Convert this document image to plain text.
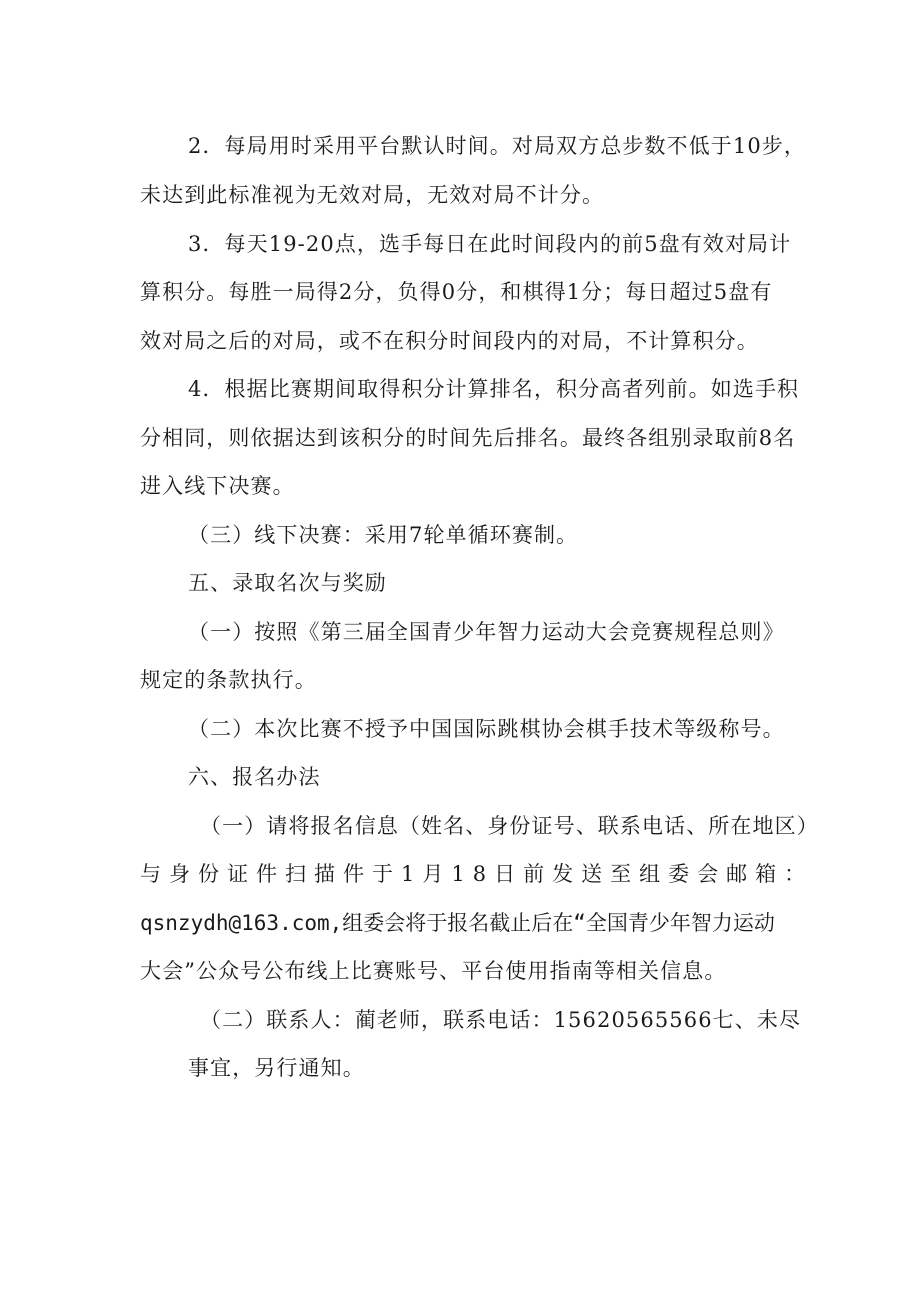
2．每局用时采用平台默认时间。对局双方总步数不低于10步，
未达到此标准视为无效对局，无效对局不计分。
3．每天19-20点，选手每日在此时间段内的前5盘有效对局计
算积分。每胜一局得2分，负得0分，和棋得1分；每日超过5盘有
效对局之后的对局，或不在积分时间段内的对局，不计算积分。
4．根据比赛期间取得积分计算排名，积分高者列前。如选手积
分相同，则依据达到该积分的时间先后排名。最终各组别录取前8名
进入线下决赛。
（三）线下决赛：采用7轮单循环赛制。
五、录取名次与奖励
（一）按照《第三届全国青少年智力运动大会竞赛规程总则》
规定的条款执行。
（二）本次比赛不授予中国国际跳棋协会棋手技术等级称号。
六、报名办法
（一）请将报名信息（姓名、身份证号、联系电话、所在地区）
与身份证件扫描件于1月18日前发送至组委会邮箱：
qsnzydh@163.com,组委会将于报名截止后在“全国青少年智力运动
大会”公众号公布线上比赛账号、平台使用指南等相关信息。
（二）联系人：蔺老师，联系电话：15620565566七、未尽
事宜，另行通知。
